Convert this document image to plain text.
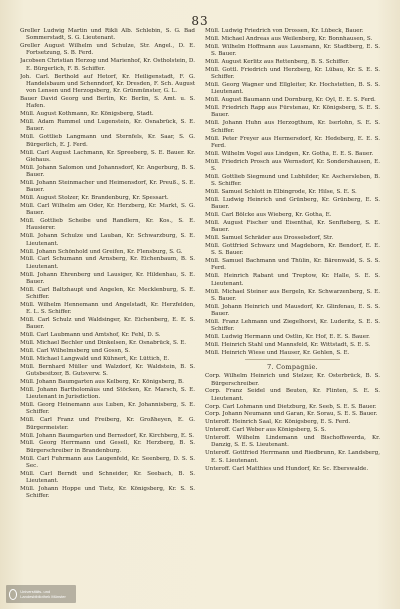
83

Greller Ludwig Martin und Rikli Alb. Schlebin, S. G. Bad Sommerstadt, S. G. Lieutenant.

Greller August Wilhelm und Schulze, Str. Angel., D. E. Fortsetzung, S. B. Ferd.

Jacobsen Christian Herzog und Marienhof, Kr. Ostholstein, D. E. Bürgerlich, F. B. Schiffer.

Joh. Carl. Berthold auf Hetorf, Kr. Heiligenstadt, F. G. Handelsbaum und Schenndorf, Kr. Dresden, F. Sch. August von Lensen und Herzogsberg, Kr. Grünmünster, G. L.

Bauer David Georg und Berlin, Kr. Berlin, S. Amt. u. S. Hafen.

Müll. August Kothmann, Kr. Königsberg, Stadt.

Müll. Adam Rummel und Lugenstein, Kr. Osnabrück, S. E. Bauer.

Müll. Gottlieb Langmann und Sternfels, Kr. Saar, S. G. Bürgerlich, E. J. Ferd.

Müll. Carl August Lachmann, Kr. Spreeberg, S. E. Bauer. Kr. Giehaus.

Müll. Johann Salomon und Johannsdorf, Kr. Angerburg, B. S. Bauer.

Müll. Johann Steinmacher und Heimensdorf, Kr. Preuß., S. E. Bauer.

Müll. August Stolzer, Kr. Brandenburg, Kr. Spessart.

Müll. Carl Wilhelm am Oder, Kr. Herzberg, Kr. Markt, S. G. Bauer.

Müll. Gottlieb Scheibe und Randlern, Kr. Kos., S. E. Hausierer.

Müll. Johann Schulze und Lauban, Kr. Schwarzburg, S. E. Lieutenant.

Müll. Johann Schönhold und Greifen, Kr. Flensburg, S. G.

Müll. Carl Schumann und Arnsberg, Kr. Eichenbaum, B. S. Lieutenant.

Müll. Johann Ehrenberg und Lausiger, Kr. Hildenhau, S. E. Bauer.

Müll. Carl Baltzhaupt und Angelen, Kr. Mecklenburg, S. E. Schiffer.

Müll. Wilhelm Hennemann und Angelstadt, Kr. Herzfelden, E. L. S. Schiffer.

Müll. Carl Schulz und Waldsinger, Kr. Eichenberg, E. E. S. Bauer.

Müll. Carl Laubmann und Amtshof, Kr. Fehl, D. S.

Müll. Michael Bechler und Dinkelsen, Kr. Osnabrück, S. E.

Müll. Carl Wilhelmsberg und Gossn, S.

Müll. Michael Langwald und Kühnert, Kr. Lüttich, E.

Müll. Bernhard Müller und Walzdorf, Kr. Waldstein, B. S. Gutsbesitzer, B. Gutsverw. S.

Müll. Johann Baumgarten aus Kelberg, Kr. Königsberg, B.

Müll. Johann Bartholomäus und Stöcken, Kr. Marsch, S. E. Lieutenant in Jurisdiction.

Müll. Georg Heinemann aus Luben, Kr. Johannisberg, S. E. Schiffer.

Müll. Carl Franz und Freiberg, Kr. Großheyen, E. G. Bürgermeister.

Müll. Johann Baumgarten und Bernsdorf, Kr. Kirchberg, E. S.

Müll. Georg Herrmann und Gesell, Kr. Herzberg, B. S. Bürgerschreiber in Brandenburg.

Müll. Carl Fuhrmann aus Laugenfeld, Kr. Seenberg, D. S. S. Sec.

Müll. Carl Berndt und Schneider, Kr. Seebach, B. S. Lieutenant.

Müll. Johann Hoppe und Tietz, Kr. Königsberg, Kr. S. S. Schiffer.

Müll. Ludwig Friedrich von Drossen, Kr. Lübeck, Bauer.

Müll. Michael Andreas aus Weilenberg, Kr. Bonnhausen, S.

Müll. Wilhelm Hoffmann aus Lausmann, Kr. Stadtberg, E. S. S. Bauer.

Müll. August Kerlitz aus Rettenberg, B. S. Schiffer.

Müll. Gottl. Friedrich und Herzberg, Kr. Lübau, Kr. S. E. S. Schiffer.

Müll. Georg Wagner und Ellgleiter, Kr. Hochstetten, B. S. S. Lieutenant.

Müll. August Baumann und Dornburg, Kr. Oyl, E. E. S. Ferd.

Müll. Friedrich Rapp aus Fürstenau, Kr. Königsberg, S. E. S. Bauer.

Müll. Johann Huhn aus Herzogthum, Kr. Iserlohn, S. E. S. Schiffer.

Müll. Peter Freyer aus Hermersdorf, Kr. Hedeberg, E. E. S. Ferd.

Müll. Wilhelm Vogel aus Lindgen, Kr. Gotha, E. E. S. Bauer.

Müll. Friedrich Prosch aus Wernsdorf, Kr. Sondershausen, E. S.

Müll. Gottlieb Siegmund und Lubhilder, Kr. Aschersleben, B. S. Schiffer.

Müll. Samuel Schlott in Elbingrode, Kr. Hilse, S. E. S.

Müll. Ludwig Heinrich und Grünberg, Kr. Grünberg, E. S. Bauer.

Müll. Carl Bölcke aus Wieberg, Kr. Gotha, E.

Müll. August Fischer und Eisenthal, Kr. Senfteberg, S. E. Bauer.

Müll. Samuel Schräder aus Drosselsdorf, Str.

Müll. Gottfried Schwarz und Magdeborn, Kr. Bendorf, E. E. S. S. Bauer.

Müll. Samuel Bachmann und Thülin, Kr. Bärenwald, S. S. S. Ferd.

Müll. Heinrich Rabant und Treptow, Kr. Halle, S. E. S. Lieutenant.

Müll. Michael Steiner aus Bergeln, Kr. Schwarzenberg, S. E. S. Bauer.

Müll. Johann Heinrich und Mausdorf, Kr. Glinfenau, E. S. S. Bauer.

Müll. Franz Lehmann und Ziegelhorst, Kr. Luderitz, S. E. S. Schiffer.

Müll. Ludwig Hermann und Ostlin, Kr. Hof, E. E. S. Bauer.

Müll. Heinrich Stahl und Mannsfeld, Kr. Wittstadt, S. E. S.

Müll. Heinrich Wiese und Hauser, Kr. Gehlen, S. E.

7. Compagnie.

Corp. Wilhelm Heinrich und Stelzer, Kr. Osterbrück, B. S. Bürgerschreiber.

Corp. Franz Seidel und Beuten, Kr. Flinten, S. E. S. Lieutenant.

Corp. Carl Lohmann und Dietzburg, Kr. Seeb, S. E. S. Bauer.

Corp. Johann Neumann und Garan, Kr. Sorau, S. E. S. Bauer.

Unteroff. Heinrich Saal, Kr. Königsberg, E. S. Ferd.

Unteroff. Carl Weber aus Königsberg, S. S.

Unteroff. Wilhelm Lindemann und Bischoffswerda, Kr. Danzig, S. E. S. Lieutenant.

Unteroff. Gottfried Herrmann und Riedbrunn, Kr. Landsberg, E. S. Lieutenant.

Unteroff. Carl Matthies und Hundorf, Kr. Sc. Eberswalde.

Universitäts- und Landesbibliothek Münster
